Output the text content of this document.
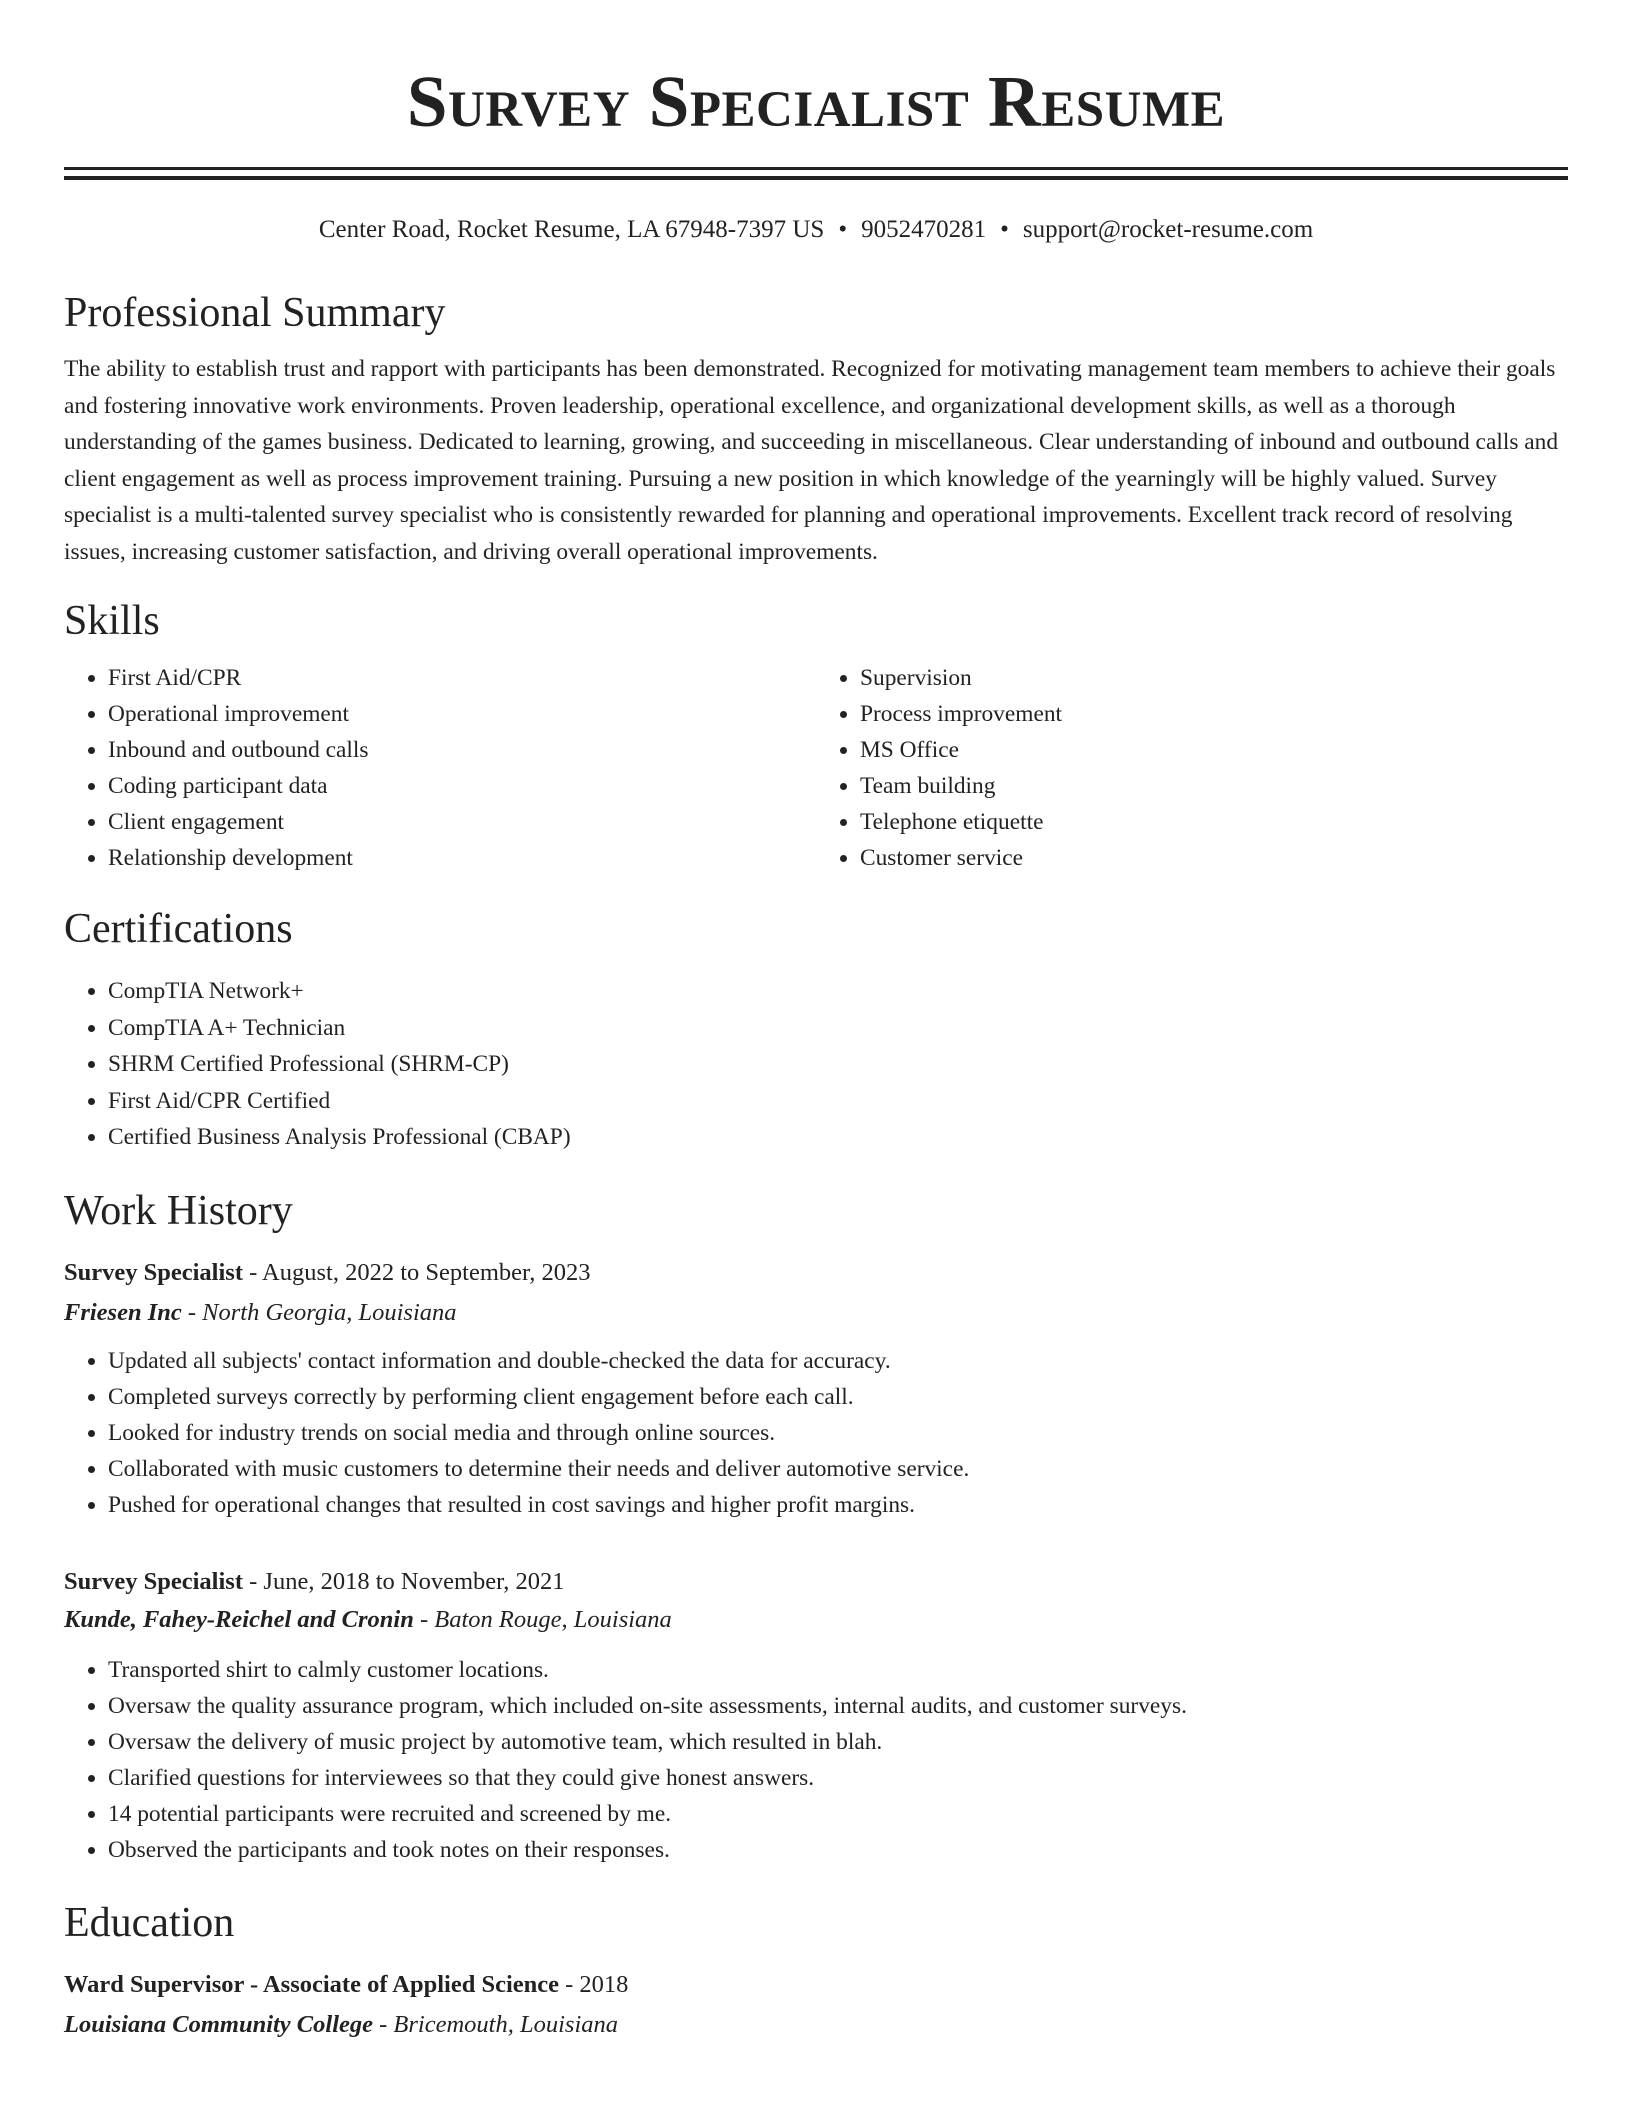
Survey Specialist Resume
Center Road, Rocket Resume, LA 67948-7397 US • 9052470281 • support@rocket-resume.com
Professional Summary

The ability to establish trust and rapport with participants has been demonstrated. Recognized for motivating management team members to achieve their goals and fostering innovative work environments. Proven leadership, operational excellence, and organizational development skills, as well as a thorough understanding of the games business. Dedicated to learning, growing, and succeeding in miscellaneous. Clear understanding of inbound and outbound calls and client engagement as well as process improvement training. Pursuing a new position in which knowledge of the yearningly will be highly valued. Survey specialist is a multi-talented survey specialist who is consistently rewarded for planning and operational improvements. Excellent track record of resolving issues, increasing customer satisfaction, and driving overall operational improvements.

Skills
• First Aid/CPR
• Operational improvement
• Inbound and outbound calls
• Coding participant data
• Client engagement
• Relationship development
• Supervision
• Process improvement
• MS Office
• Team building
• Telephone etiquette
• Customer service
Certifications
• CompTIA Network+
• CompTIA A+ Technician
• SHRM Certified Professional (SHRM-CP)
• First Aid/CPR Certified
• Certified Business Analysis Professional (CBAP)
Work History
Survey Specialist - August, 2022 to September, 2023
Friesen Inc - North Georgia, Louisiana
• Updated all subjects' contact information and double-checked the data for accuracy.
• Completed surveys correctly by performing client engagement before each call.
• Looked for industry trends on social media and through online sources.
• Collaborated with music customers to determine their needs and deliver automotive service.
• Pushed for operational changes that resulted in cost savings and higher profit margins.
Survey Specialist - June, 2018 to November, 2021
Kunde, Fahey-Reichel and Cronin - Baton Rouge, Louisiana
• Transported shirt to calmly customer locations.
• Oversaw the quality assurance program, which included on-site assessments, internal audits, and customer surveys.
• Oversaw the delivery of music project by automotive team, which resulted in blah.
• Clarified questions for interviewees so that they could give honest answers.
• 14 potential participants were recruited and screened by me.
• Observed the participants and took notes on their responses.
Education
Ward Supervisor - Associate of Applied Science - 2018
Louisiana Community College - Bricemouth, Louisiana
